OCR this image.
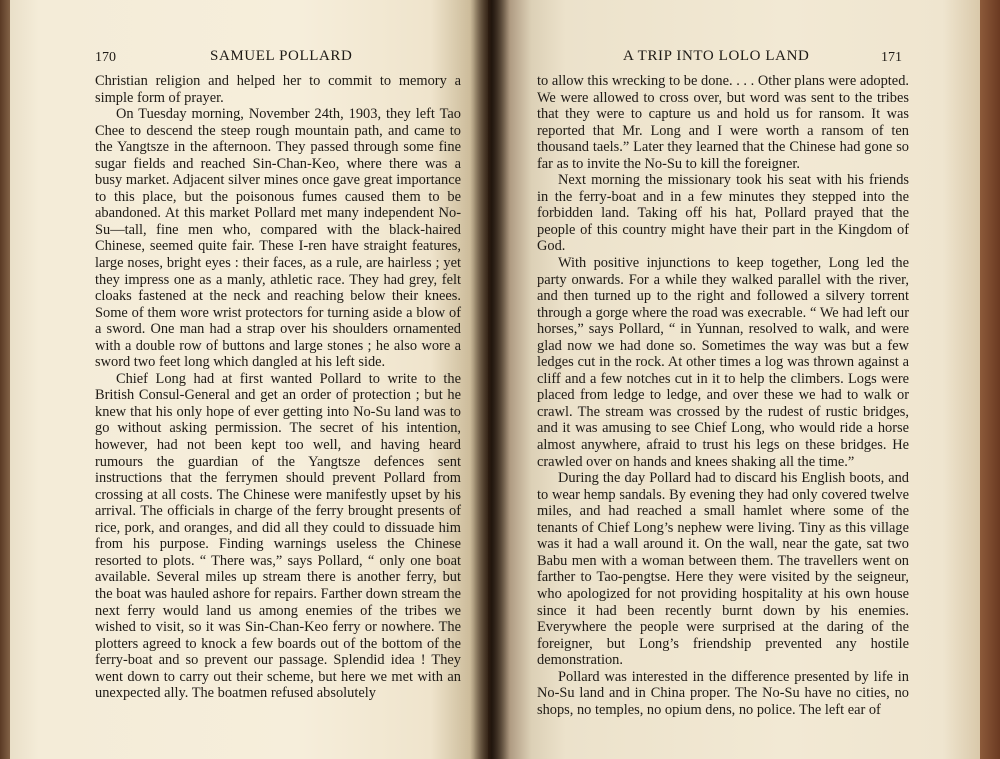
170	SAMUEL POLLARD

Christian religion and helped her to commit to memory a simple form of prayer.

On Tuesday morning, November 24th, 1903, they left Tao Chee to descend the steep rough mountain path, and came to the Yangtsze in the afternoon. They passed through some fine sugar fields and reached Sin-Chan-Keo, where there was a busy market. Adjacent silver mines once gave great importance to this place, but the poisonous fumes caused them to be abandoned. At this market Pollard met many independent No-Su—tall, fine men who, compared with the black-haired Chinese, seemed quite fair. These I-ren have straight features, large noses, bright eyes : their faces, as a rule, are hairless ; yet they impress one as a manly, athletic race. They had grey, felt cloaks fastened at the neck and reaching below their knees. Some of them wore wrist protectors for turning aside a blow of a sword. One man had a strap over his shoulders ornamented with a double row of buttons and large stones ; he also wore a sword two feet long which dangled at his left side.

Chief Long had at first wanted Pollard to write to the British Consul-General and get an order of protection ; but he knew that his only hope of ever getting into No-Su land was to go without asking permission. The secret of his intention, however, had not been kept too well, and having heard rumours the guardian of the Yangtsze defences sent instructions that the ferrymen should prevent Pollard from crossing at all costs. The Chinese were manifestly upset by his arrival. The officials in charge of the ferry brought presents of rice, pork, and oranges, and did all they could to dissuade him from his purpose. Finding warnings useless the Chinese resorted to plots. “ There was,” says Pollard, “ only one boat available. Several miles up stream there is another ferry, but the boat was hauled ashore for repairs. Farther down stream the next ferry would land us among enemies of the tribes we wished to visit, so it was Sin-Chan-Keo ferry or nowhere. The plotters agreed to knock a few boards out of the bottom of the ferry-boat and so prevent our passage. Splendid idea ! They went down to carry out their scheme, but here we met with an unexpected ally. The boatmen refused absolutely

A TRIP INTO LOLO LAND	171

to allow this wrecking to be done. . . . Other plans were adopted. We were allowed to cross over, but word was sent to the tribes that they were to capture us and hold us for ransom. It was reported that Mr. Long and I were worth a ransom of ten thousand taels.” Later they learned that the Chinese had gone so far as to invite the No-Su to kill the foreigner.

Next morning the missionary took his seat with his friends in the ferry-boat and in a few minutes they stepped into the forbidden land. Taking off his hat, Pollard prayed that the people of this country might have their part in the Kingdom of God.

With positive injunctions to keep together, Long led the party onwards. For a while they walked parallel with the river, and then turned up to the right and followed a silvery torrent through a gorge where the road was execrable. “ We had left our horses,” says Pollard, “ in Yunnan, resolved to walk, and were glad now we had done so. Sometimes the way was but a few ledges cut in the rock. At other times a log was thrown against a cliff and a few notches cut in it to help the climbers. Logs were placed from ledge to ledge, and over these we had to walk or crawl. The stream was crossed by the rudest of rustic bridges, and it was amusing to see Chief Long, who would ride a horse almost anywhere, afraid to trust his legs on these bridges. He crawled over on hands and knees shaking all the time.”

During the day Pollard had to discard his English boots, and to wear hemp sandals. By evening they had only covered twelve miles, and had reached a small hamlet where some of the tenants of Chief Long’s nephew were living. Tiny as this village was it had a wall around it. On the wall, near the gate, sat two Babu men with a woman between them. The travellers went on farther to Tao-pengtse. Here they were visited by the seigneur, who apologized for not providing hospitality at his own house since it had been recently burnt down by his enemies. Everywhere the people were surprised at the daring of the foreigner, but Long’s friendship prevented any hostile demonstration.

Pollard was interested in the difference presented by life in No-Su land and in China proper. The No-Su have no cities, no shops, no temples, no opium dens, no police. The left ear of
